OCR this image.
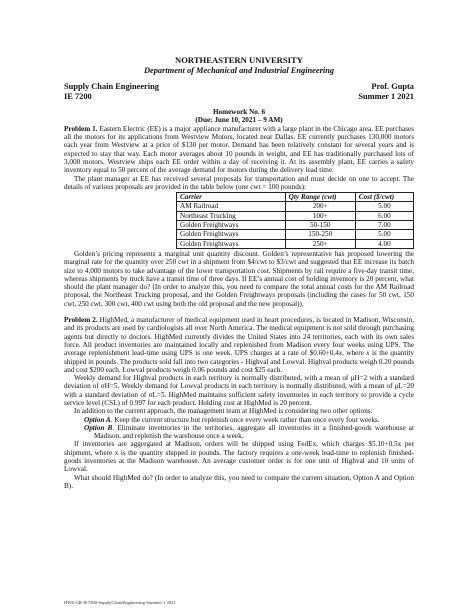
NORTHEASTERN UNIVERSITY
Department of Mechanical and Industrial Engineering
Supply Chain Engineering	Prof. Gupta
IE 7200	Summer 1 2021
Homework No. 6
(Due: June 10, 2021 – 9 AM)

Problem 1. Eastern Electric (EE) is a major appliance manufacturer with a large plant in the Chicago area. EE purchases all the motors for its applications from Westview Motors, located near Dallas. EE currently purchases 130,000 motors each year from Westview at a price of $130 per motor. Demand has been relatively constant for several years and is expected to stay that way. Each motor averages about 10 pounds in weight, and EE has traditionally purchased lots of 3,000 motors. Westview ships each EE order within a day of receiving it. At its assembly plant, EE carries a safety inventory equal to 50 percent of the average demand for motors during the delivery lead time.

The plant manager at EE has received several proposals for transportation and must decide on one to accept. The details of various proposals are provided in the table below (one cwt = 100 pounds):

Carrier	Qty Range (cwt)	Cost ($/cwt)
AM Railroad	200+	5.00
Northeast Trucking	100+	6.00
Golden Freightways	50-150	7.00
Golden Freightways	150-250	5.00
Golden Freightways	250+	4.00

Golden’s pricing represents a marginal unit quantity discount. Golden’s representative has proposed lowering the marginal rate for the quantity over 250 cwt in a shipment from $4/cwt to $3/cwt and suggested that EE increase its batch size to 4,000 motors to take advantage of the lower transportation cost. Shipments by rail require a five-day transit time, whereas shipments by truck have a transit time of three days. If EE’s annual cost of holding inventory is 20 percent, what should the plant manager do? (In order to analyze this, you need to compare the total annual costs for the AM Railroad proposal, the Northeast Trucking proposal, and the Golden Freightways proposals (including the cases for 50 cwt, 150 cwt, 250 cwt, 300 cwt, 400 cwt using both the old proposal and the new proposal)).

Problem 2. HighMed, a manufacturer of medical equipment used in heart procedures, is located in Madison, Wisconsin, and its products are used by cardiologists all over North America. The medical equipment is not sold through purchasing agents but directly to doctors. HighMed currently divides the United States into 24 territories, each with its own sales force. All product inventories are maintained locally and replenished from Madison every four weeks using UPS. The average replenishment lead-time using UPS is one week. UPS charges at a rate of $0.60+0.4x, where x is the quantity shipped in pounds. The products sold fall into two categories - Highval and Lowval. Highval products weigh 0.20 pounds and cost $200 each. Lowval products weigh 0.06 pounds and cost $25 each.

Weekly demand for Highval products in each territory is normally distributed, with a mean of μH=2 with a standard deviation of σH=5. Weekly demand for Lowval products in each territory is normally distributed, with a mean of μL=20 with a standard deviation of σL=5. HighMed maintains sufficient safety inventories in each territory to provide a cycle service level (CSL) of 0.997 for each product. Holding cost at HighMed is 20 percent.

In addition to the current approach, the management team at HighMed is considering two other options:

Option A. Keep the current structure but replenish once every week rather than once every four weeks.

Option B. Eliminate inventories in the territories, aggregate all inventories in a finished-goods warehouse at Madison, and replenish the warehouse once a week.

If inventories are aggregated at Madison, orders will be shipped using FedEx, which charges $5.10+0.5x per shipment, where x is the quantity shipped in pounds. The factory requires a one-week lead-time to replenish finished-goods inventories at the Madison warehouse. An average customer order is for one unit of Highval and 10 units of Lowval.

What should HighMed do? (In order to analyze this, you need to compare the current situation, Option A and Option B).

HW6-GR-IE7200-SupplyChainEngineering-Summer 1 2021
